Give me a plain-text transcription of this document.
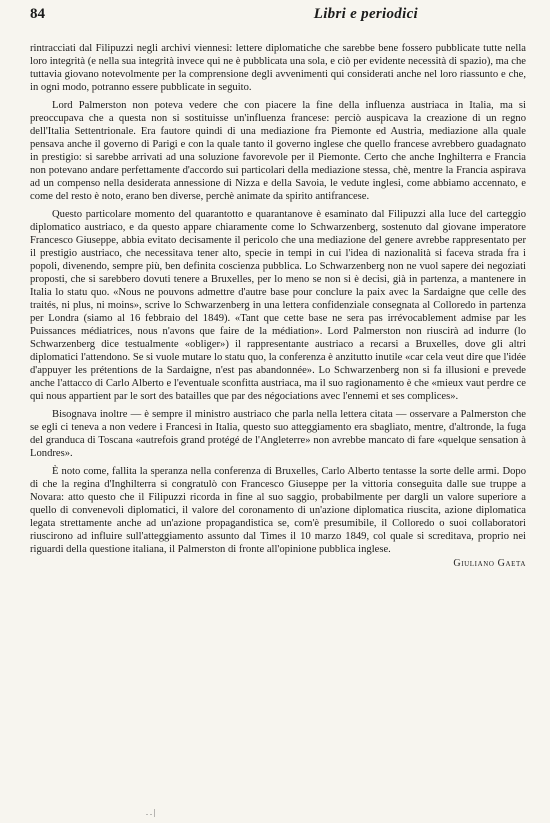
84	Libri e periodici

rintracciati dal Filipuzzi negli archivi viennesi: lettere diplomatiche che sarebbe bene fossero pubblicate tutte nella loro integrità (e nella sua integrità invece qui ne è pubblicata una sola, e ciò per evidente necessità di spazio), ma che tuttavia giovano notevolmente per la comprensione degli avvenimenti qui considerati anche nel loro riassunto e che, in ogni modo, potranno essere pubblicate in seguito.

Lord Palmerston non poteva vedere che con piacere la fine della influenza austriaca in Italia, ma si preoccupava che a questa non si sostituisse un'influenza francese: perciò auspicava la creazione di un regno dell'Italia Settentrionale. Era fautore quindi di una mediazione fra Piemonte ed Austria, mediazione alla quale pensava anche il governo di Parigi e con la quale tanto il governo inglese che quello francese avrebbero guadagnato in prestigio: si sarebbe arrivati ad una soluzione favorevole per il Piemonte. Certo che anche Inghilterra e Francia non potevano andare perfettamente d'accordo sui particolari della mediazione stessa, chè, mentre la Francia aspirava ad un compenso nella desiderata annessione di Nizza e della Savoia, le vedute inglesi, come abbiamo accennato, e come del resto è noto, erano ben diverse, perchè animate da spirito antifrancese.

Questo particolare momento del quarantotto e quarantanove è esaminato dal Filipuzzi alla luce del carteggio diplomatico austriaco, e da questo appare chiaramente come lo Schwarzenberg, sostenuto dal giovane imperatore Francesco Giuseppe, abbia evitato decisamente il pericolo che una mediazione del genere avrebbe rappresentato per il prestigio austriaco, che necessitava tener alto, specie in tempi in cui l'idea di nazionalità si faceva strada fra i popoli, divenendo, sempre più, ben definita coscienza pubblica. Lo Schwarzenberg non ne vuol sapere dei negoziati proposti, che si sarebbero dovuti tenere a Bruxelles, per lo meno se non si è decisi, già in partenza, a mantenere in Italia lo statu quo. «Nous ne pouvons admettre d'autre base pour conclure la paix avec la Sardaigne que celle des traités, ni plus, ni moins», scrive lo Schwarzenberg in una lettera confidenziale consegnata al Colloredo in partenza per Londra (siamo al 16 febbraio del 1849). «Tant que cette base ne sera pas irrévocablement admise par les Puissances médiatrices, nous n'avons que faire de la médiation». Lord Palmerston non riuscirà ad indurre (lo Schwarzenberg dice testualmente «obliger») il rappresentante austriaco a recarsi a Bruxelles, dove gli altri diplomatici l'attendono. Se si vuole mutare lo statu quo, la conferenza è anzitutto inutile «car cela veut dire que l'idée d'appuyer les prétentions de la Sardaigne, n'est pas abandonnée». Lo Schwarzenberg non si fa illusioni e prevede anche l'attacco di Carlo Alberto e l'eventuale sconfitta austriaca, ma il suo ragionamento è che «mieux vaut perdre ce qui nous appartient par le sort des batailles que par des négociations avec l'ennemi et ses complices».

Bisognava inoltre — è sempre il ministro austriaco che parla nella lettera citata — osservare a Palmerston che se egli ci teneva a non vedere i Francesi in Italia, questo suo atteggiamento era sbagliato, mentre, d'altronde, la fuga del granduca di Toscana «autrefois grand protégé de l'Angleterre» non avrebbe mancato di fare «quelque sensation à Londres».

È noto come, fallita la speranza nella conferenza di Bruxelles, Carlo Alberto tentasse la sorte delle armi. Dopo di che la regina d'Inghilterra si congratulò con Francesco Giuseppe per la vittoria conseguita dalle sue truppe a Novara: atto questo che il Filipuzzi ricorda in fine al suo saggio, probabilmente per dargli un valore superiore a quello di convenevoli diplomatici, il valore del coronamento di un'azione diplomatica riuscita, azione diplomatica legata strettamente anche ad un'azione propagandistica se, com'è presumibile, il Colloredo o suoi collaboratori riuscirono ad influire sull'atteggiamento assunto dal Times il 10 marzo 1849, col quale si screditava, proprio nei riguardi della questione italiana, il Palmerston di fronte all'opinione pubblica inglese.

Giuliano Gaeta
. . |
